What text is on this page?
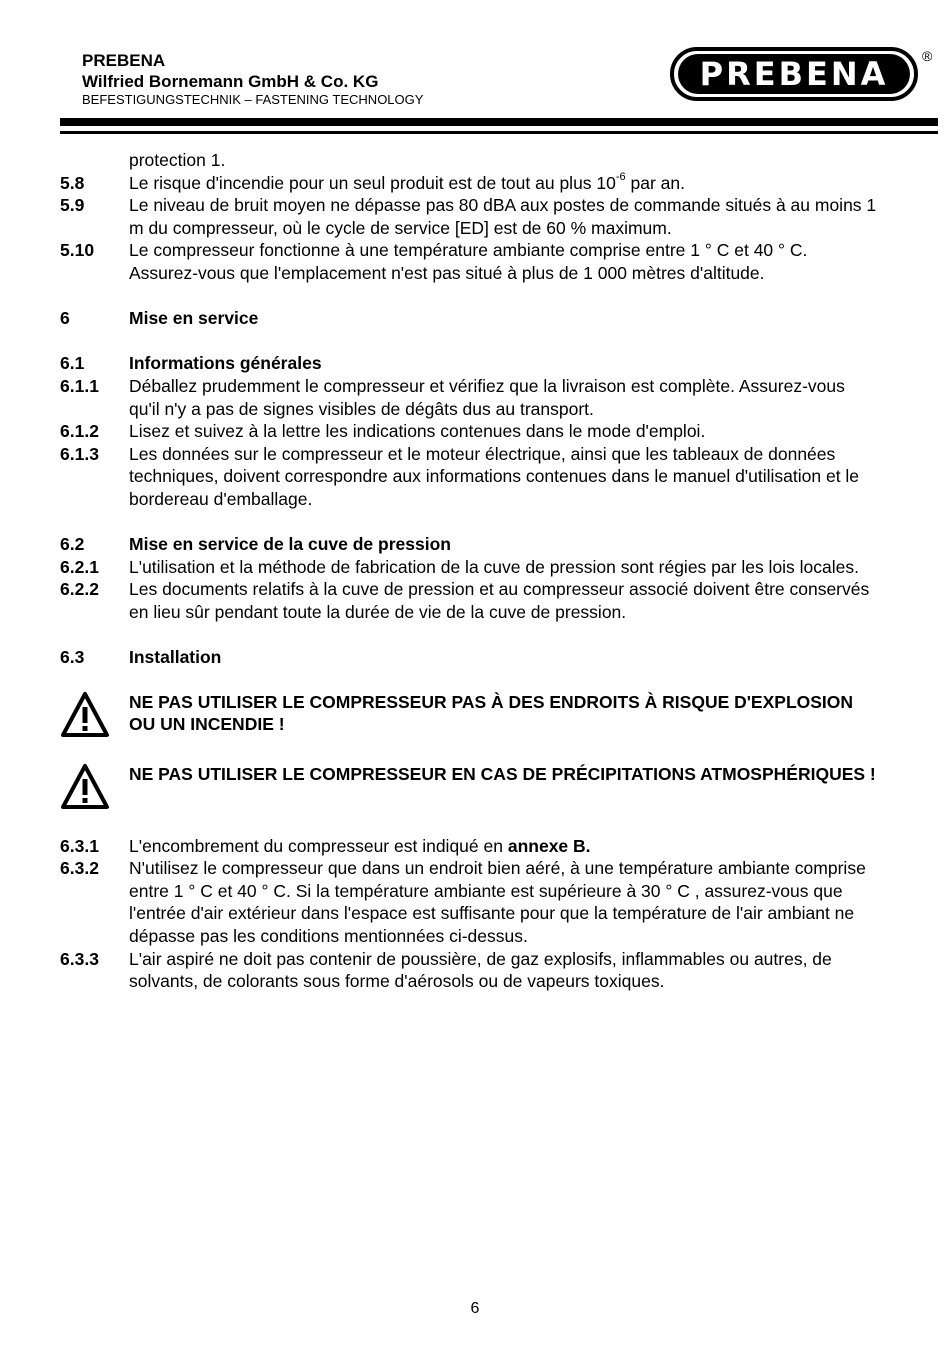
PREBENA

Wilfried Bornemann GmbH & Co. KG

BEFESTIGUNGSTECHNIK – FASTENING TECHNOLOGY

PREBENA	®
protection 1.
5.8	Le risque d'incendie pour un seul produit est de tout au plus $10^{-6}$ par an.
5.9	Le niveau de bruit moyen ne dépasse pas 80 dBA aux postes de commande situés à au moins 1 m du compresseur, où le cycle de service [ED] est de 60 % maximum.
5.10	Le compresseur fonctionne à une température ambiante comprise entre 1 ° C et 40 ° C. Assurez-vous que l'emplacement n'est pas situé à plus de 1 000 mètres d'altitude.
6	Mise en service
6.1	Informations générales
6.1.1	Déballez prudemment le compresseur et vérifiez que la livraison est complète. Assurez-vous qu'il n'y a pas de signes visibles de dégâts dus au transport.
6.1.2	Lisez et suivez à la lettre les indications contenues dans le mode d'emploi.
6.1.3	Les données sur le compresseur et le moteur électrique, ainsi que les tableaux de données techniques, doivent correspondre aux informations contenues dans le manuel d'utilisation et le bordereau d'emballage.
6.2	Mise en service de la cuve de pression
6.2.1	L'utilisation et la méthode de fabrication de la cuve de pression sont régies par les lois locales.
6.2.2	Les documents relatifs à la cuve de pression et au compresseur associé doivent être conservés en lieu sûr pendant toute la durée de vie de la cuve de pression.
6.3	Installation
NE PAS UTILISER LE COMPRESSEUR PAS À DES ENDROITS À RISQUE D'EXPLOSION OU UN INCENDIE !
NE PAS UTILISER LE COMPRESSEUR EN CAS DE PRÉCIPITATIONS ATMOSPHÉRIQUES !
6.3.1	L'encombrement du compresseur est indiqué en annexe B.
6.3.2	N'utilisez le compresseur que dans un endroit bien aéré, à une température ambiante comprise entre 1 ° C et 40 ° C. Si la température ambiante est supérieure à 30 ° C , assurez-vous que l'entrée d'air extérieur dans l'espace est suffisante pour que la température de l'air ambiant ne dépasse pas les conditions mentionnées ci-dessus.
6.3.3	L'air aspiré ne doit pas contenir de poussière, de gaz explosifs, inflammables ou autres, de solvants, de colorants sous forme d'aérosols ou de vapeurs toxiques.
6
